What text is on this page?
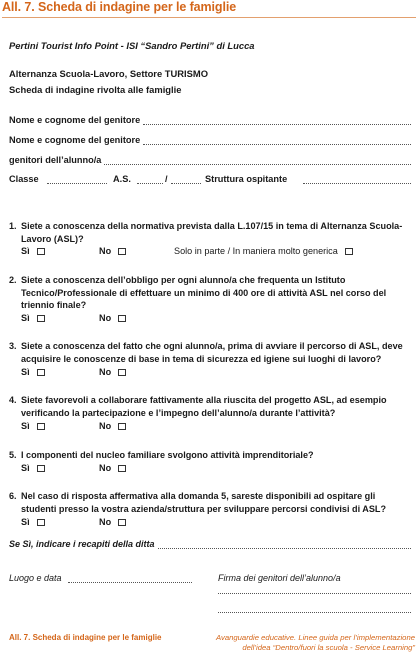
All. 7. Scheda di indagine per le famiglie
Pertini Tourist Info Point - ISI “Sandro Pertini” di Lucca
Alternanza Scuola-Lavoro, Settore TURISMO
Scheda di indagine rivolta alle famiglie
Nome e cognome del genitore
Nome e cognome del genitore
genitori dell’alunno/a
Classe	A.S.	/	Struttura ospitante
1. Siete a conoscenza della normativa prevista dalla L.107/15 in tema di Alternanza Scuola-Lavoro (ASL)?
Sì	No	Solo in parte / In maniera molto generica
2. Siete a conoscenza dell’obbligo per ogni alunno/a che frequenta un Istituto Tecnico/Professionale di effettuare un minimo di 400 ore di attività ASL nel corso del triennio finale?
Sì	No
3. Siete a conoscenza del fatto che ogni alunno/a, prima di avviare il percorso di ASL, deve acquisire le conoscenze di base in tema di sicurezza ed igiene sui luoghi di lavoro?
Sì	No
4. Siete favorevoli a collaborare fattivamente alla riuscita del progetto ASL, ad esempio verificando la partecipazione e l’impegno dell’alunno/a durante l’attività?
Sì	No
5. I componenti del nucleo familiare svolgono attività imprenditoriale?
Sì	No
6. Nel caso di risposta affermativa alla domanda 5, sareste disponibili ad ospitare gli studenti presso la vostra azienda/struttura per sviluppare percorsi condivisi di ASL?
Sì	No
Se Sì, indicare i recapiti della ditta
Luogo e data	Firma dei genitori dell’alunno/a
All. 7. Scheda di indagine per le famiglie	Avanguardie educative. Linee guida per l’implementazione
dell’idea “Dentro/fuori la scuola - Service Learning”
